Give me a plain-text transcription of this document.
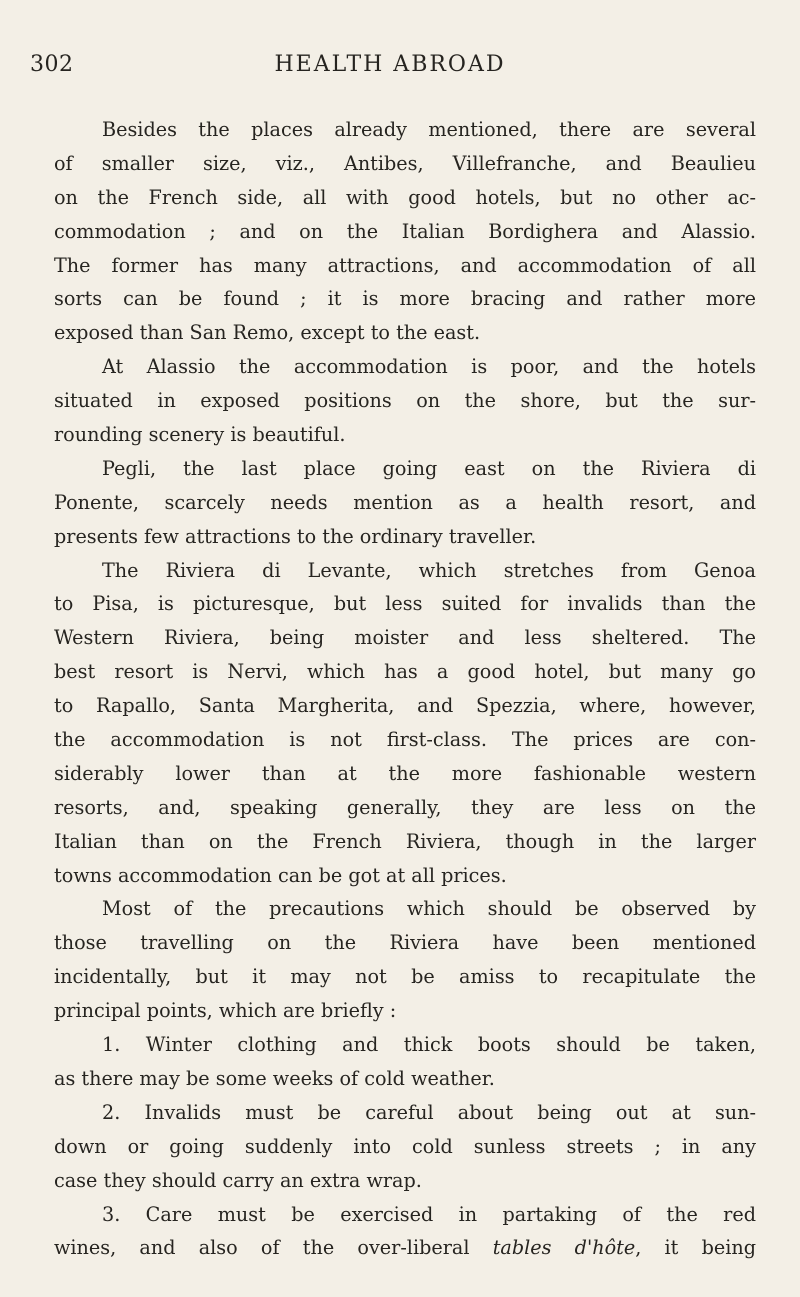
302	HEALTH ABROAD
Besides the places already mentioned, there are several
of smaller size, viz., Antibes, Villefranche, and Beaulieu
on the French side, all with good hotels, but no other ac-
commodation ; and on the Italian Bordighera and Alassio.
The former has many attractions, and accommodation of all
sorts can be found ; it is more bracing and rather more
exposed than San Remo, except to the east.
At Alassio the accommodation is poor, and the hotels
situated in exposed positions on the shore, but the sur-
rounding scenery is beautiful.
Pegli, the last place going east on the Riviera di
Ponente, scarcely needs mention as a health resort, and
presents few attractions to the ordinary traveller.
The Riviera di Levante, which stretches from Genoa
to Pisa, is picturesque, but less suited for invalids than the
Western Riviera, being moister and less sheltered. The
best resort is Nervi, which has a good hotel, but many go
to Rapallo, Santa Margherita, and Spezzia, where, however,
the accommodation is not first-class. The prices are con-
siderably lower than at the more fashionable western
resorts, and, speaking generally, they are less on the
Italian than on the French Riviera, though in the larger
towns accommodation can be got at all prices.
Most of the precautions which should be observed by
those travelling on the Riviera have been mentioned
incidentally, but it may not be amiss to recapitulate the
principal points, which are briefly :
1. Winter clothing and thick boots should be taken,
as there may be some weeks of cold weather.
2. Invalids must be careful about being out at sun-
down or going suddenly into cold sunless streets ; in any
case they should carry an extra wrap.
3. Care must be exercised in partaking of the red
wines, and also of the over-liberal tables d'hôte, it being
